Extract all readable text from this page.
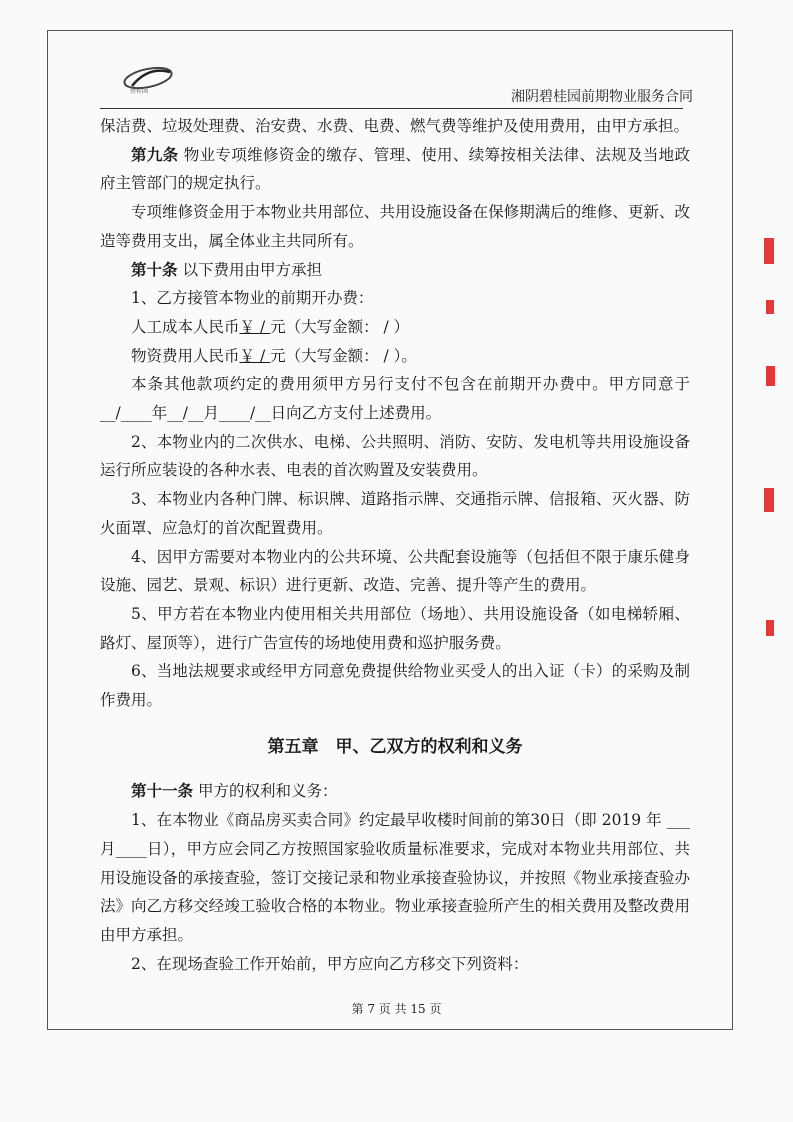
碧桂园	湘阴碧桂园前期物业服务合同

保洁费、垃圾处理费、治安费、水费、电费、燃气费等维护及使用费用，由甲方承担。

第九条 物业专项维修资金的缴存、管理、使用、续筹按相关法律、法规及当地政府主管部门的规定执行。

专项维修资金用于本物业共用部位、共用设施设备在保修期满后的维修、更新、改造等费用支出，属全体业主共同所有。

第十条 以下费用由甲方承担

1、乙方接管本物业的前期开办费：

人工成本人民币￥ / 元（大写金额： / ）

物资费用人民币￥ / 元（大写金额： / ）。

本条其他款项约定的费用须甲方另行支付不包含在前期开办费中。甲方同意于__/____年__/__月____/__日向乙方支付上述费用。

2、本物业内的二次供水、电梯、公共照明、消防、安防、发电机等共用设施设备运行所应装设的各种水表、电表的首次购置及安装费用。

3、本物业内各种门牌、标识牌、道路指示牌、交通指示牌、信报箱、灭火器、防火面罩、应急灯的首次配置费用。

4、因甲方需要对本物业内的公共环境、公共配套设施等（包括但不限于康乐健身设施、园艺、景观、标识）进行更新、改造、完善、提升等产生的费用。

5、甲方若在本物业内使用相关共用部位（场地）、共用设施设备（如电梯轿厢、路灯、屋顶等），进行广告宣传的场地使用费和巡护服务费。

6、当地法规要求或经甲方同意免费提供给物业买受人的出入证（卡）的采购及制作费用。

第五章　甲、乙双方的权利和义务

第十一条 甲方的权利和义务：

1、在本物业《商品房买卖合同》约定最早收楼时间前的第30日（即 2019 年 ___月____日），甲方应会同乙方按照国家验收质量标准要求，完成对本物业共用部位、共用设施设备的承接查验，签订交接记录和物业承接查验协议，并按照《物业承接查验办法》向乙方移交经竣工验收合格的本物业。物业承接查验所产生的相关费用及整改费用由甲方承担。

2、在现场查验工作开始前，甲方应向乙方移交下列资料：

第 7 页 共 15 页
